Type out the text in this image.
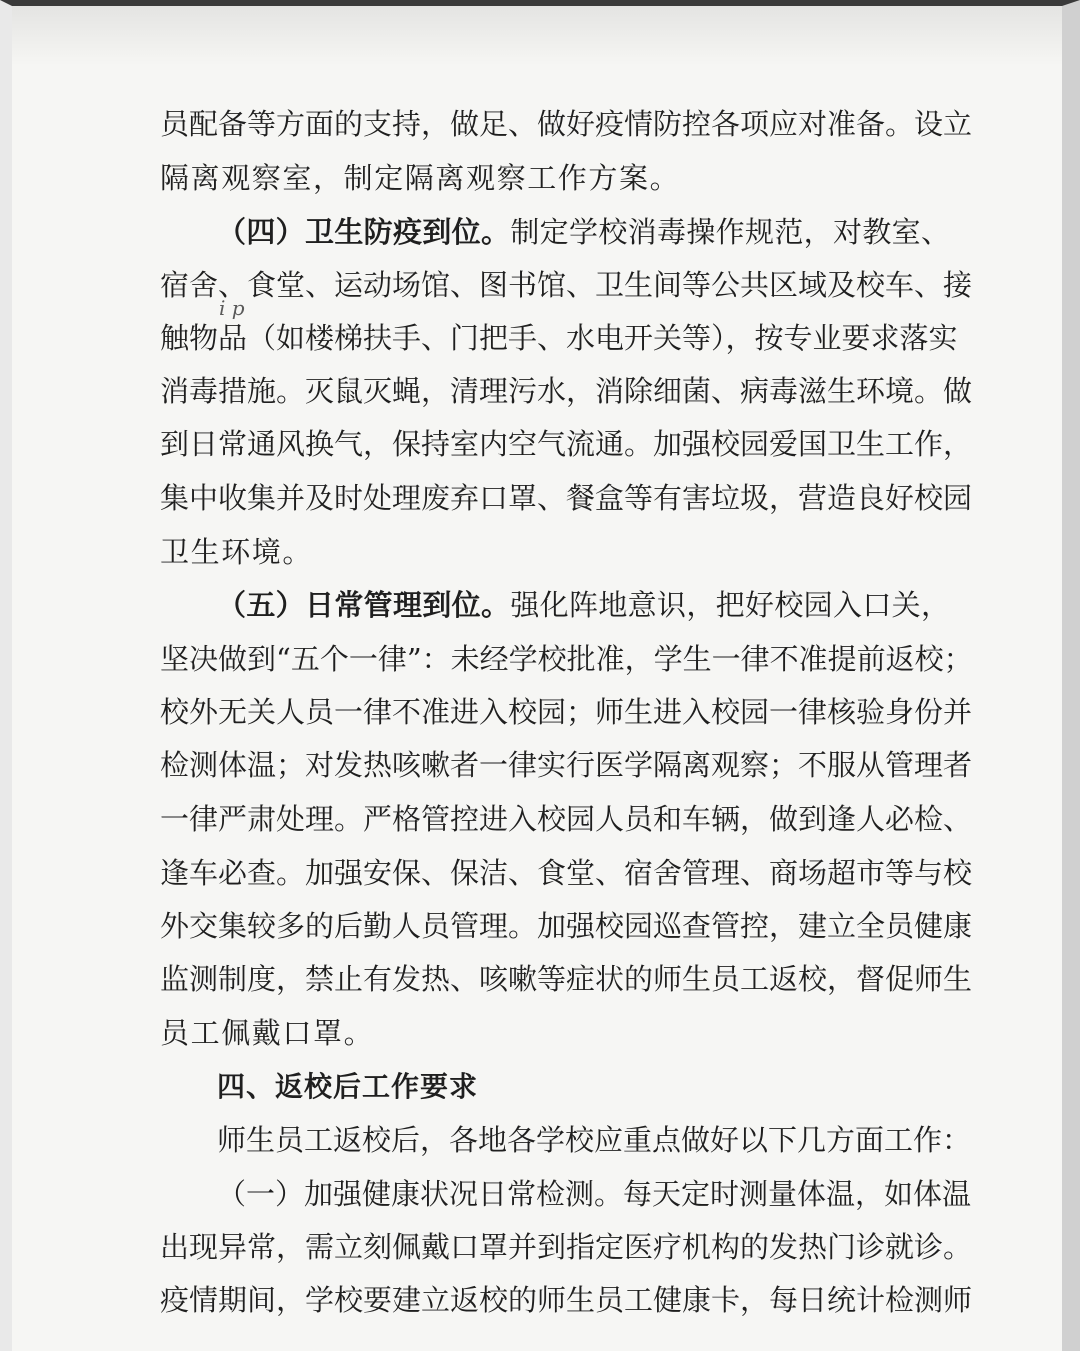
员配备等方面的支持，做足、做好疫情防控各项应对准备。设立
隔离观察室，制定隔离观察工作方案。
（四）卫生防疫到位。制定学校消毒操作规范，对教室、
宿舍、食堂、运动场馆、图书馆、卫生间等公共区域及校车、接
i p
触物品（如楼梯扶手、门把手、水电开关等），按专业要求落实
消毒措施。灭鼠灭蝇，清理污水，消除细菌、病毒滋生环境。做
到日常通风换气，保持室内空气流通。加强校园爱国卫生工作，
集中收集并及时处理废弃口罩、餐盒等有害垃圾，营造良好校园
卫生环境。
（五）日常管理到位。强化阵地意识，把好校园入口关，
坚决做到“五个一律”：未经学校批准，学生一律不准提前返校；
校外无关人员一律不准进入校园；师生进入校园一律核验身份并
检测体温；对发热咳嗽者一律实行医学隔离观察；不服从管理者
一律严肃处理。严格管控进入校园人员和车辆，做到逢人必检、
逢车必查。加强安保、保洁、食堂、宿舍管理、商场超市等与校
外交集较多的后勤人员管理。加强校园巡查管控，建立全员健康
监测制度，禁止有发热、咳嗽等症状的师生员工返校，督促师生
员工佩戴口罩。
四、返校后工作要求
师生员工返校后，各地各学校应重点做好以下几方面工作：
（一）加强健康状况日常检测。每天定时测量体温，如体温
出现异常，需立刻佩戴口罩并到指定医疗机构的发热门诊就诊。
疫情期间，学校要建立返校的师生员工健康卡，每日统计检测师
